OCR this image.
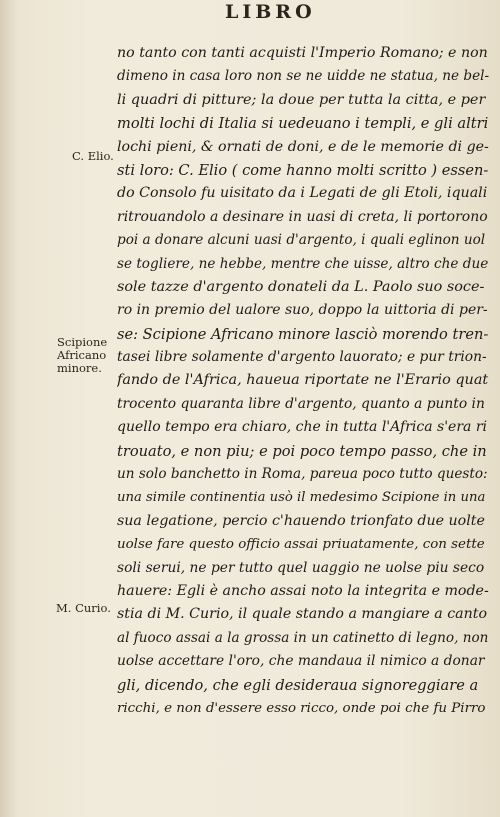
LIBRO
no tanto con tanti acquisti l'Imperio Romano; e non
dimeno in casa loro non se ne uidde ne statua, ne bel-
li quadri di pitture; la doue per tutta la citta, e per
molti lochi di Italia si uedeuano i templi, e gli altri
lochi pieni, & ornati de doni, e de le memorie di ge-
sti loro: C. Elio ( come hanno molti scritto ) essen-
do Consolo fu uisitato da i Legati de gli Etoli, iquali
ritrouandolo a desinare in uasi di creta, li portorono
poi a donare alcuni uasi d'argento, i quali eglinon uol
se togliere, ne hebbe, mentre che uisse, altro che due
sole tazze d'argento donateli da L. Paolo suo soce-
ro in premio del ualore suo, doppo la uittoria di per-
se: Scipione Africano minore lasciò morendo tren-
tasei libre solamente d'argento lauorato; e pur trion-
fando de l'Africa, haueua riportate ne l'Erario quat
trocento quaranta libre d'argento, quanto a punto in
quello tempo era chiaro, che in tutta l'Africa s'era ri
trouato, e non piu; e poi poco tempo passo, che in
un solo banchetto in Roma, pareua poco tutto questo:
una simile continentia usò il medesimo Scipione in una
sua legatione, percio c'hauendo trionfato due uolte
uolse fare questo officio assai priuatamente, con sette
soli serui, ne per tutto quel uaggio ne uolse piu seco
hauere: Egli è ancho assai noto la integrita e mode-
stia di M. Curio, il quale stando a mangiare a canto
al fuoco assai a la grossa in un catinetto di legno, non
uolse accettare l'oro, che mandaua il nimico a donar
gli, dicendo, che egli desideraua signoreggiare a
ricchi, e non d'essere esso ricco, onde poi che fu Pirro
C. Elio.
Scipione
Africano
minore.
M. Curio.
